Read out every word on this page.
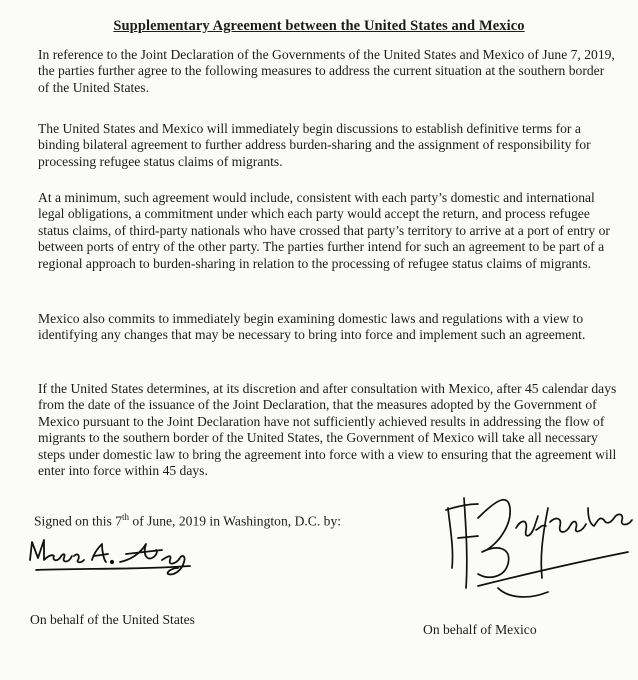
Supplementary Agreement between the United States and Mexico

In reference to the Joint Declaration of the Governments of the United States and Mexico of June 7, 2019, the parties further agree to the following measures to address the current situation at the southern border of the United States.

The United States and Mexico will immediately begin discussions to establish definitive terms for a binding bilateral agreement to further address burden-sharing and the assignment of responsibility for processing refugee status claims of migrants.

At a minimum, such agreement would include, consistent with each party’s domestic and international legal obligations, a commitment under which each party would accept the return, and process refugee status claims, of third-party nationals who have crossed that party’s territory to arrive at a port of entry or between ports of entry of the other party. The parties further intend for such an agreement to be part of a regional approach to burden-sharing in relation to the processing of refugee status claims of migrants.

Mexico also commits to immediately begin examining domestic laws and regulations with a view to identifying any changes that may be necessary to bring into force and implement such an agreement.

If the United States determines, at its discretion and after consultation with Mexico, after 45 calendar days from the date of the issuance of the Joint Declaration, that the measures adopted by the Government of Mexico pursuant to the Joint Declaration have not sufficiently achieved results in addressing the flow of migrants to the southern border of the United States, the Government of Mexico will take all necessary steps under domestic law to bring the agreement into force with a view to ensuring that the agreement will enter into force within 45 days.

Signed on this 7th of June, 2019 in Washington, D.C. by:
On behalf of the United States
On behalf of Mexico
